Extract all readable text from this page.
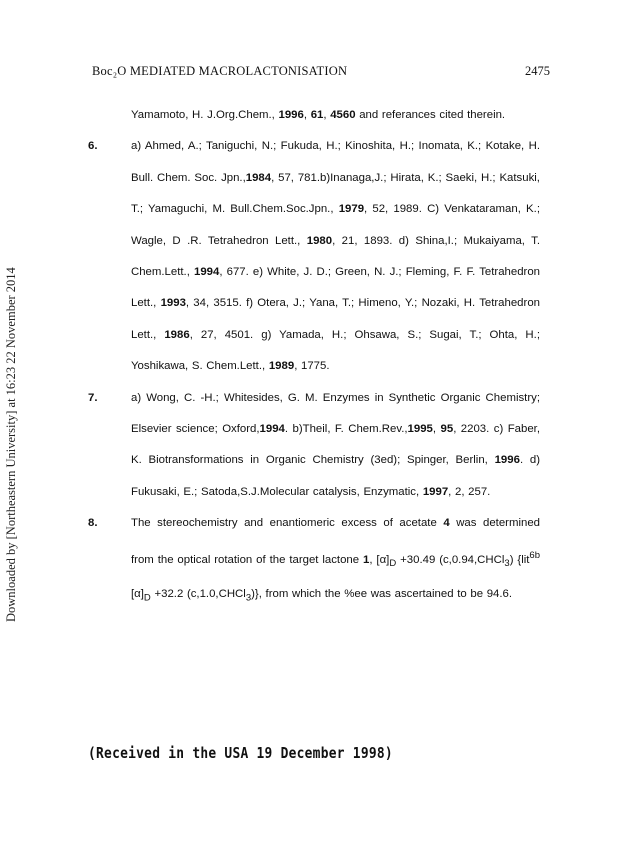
Boc₂O MEDIATED MACROLACTONISATION	2475
Downloaded by [Northeastern University] at 16:23 22 November 2014
Yamamoto, H. J.Org.Chem., 1996, 61, 4560 and referances cited therein.
6.	a) Ahmed, A.; Taniguchi, N.; Fukuda, H.; Kinoshita, H.; Inomata, K.; Kotake, H. Bull. Chem. Soc. Jpn.,1984, 57, 781.b)Inanaga,J.; Hirata, K.; Saeki, H.; Katsuki, T.; Yamaguchi, M. Bull.Chem.Soc.Jpn., 1979, 52, 1989. C) Venkataraman, K.; Wagle, D .R. Tetrahedron Lett., 1980, 21, 1893. d) Shina,I.; Mukaiyama, T. Chem.Lett., 1994, 677. e) White, J. D.; Green, N. J.; Fleming, F. F. Tetrahedron Lett., 1993, 34, 3515. f) Otera, J.; Yana, T.; Himeno, Y.; Nozaki, H. Tetrahedron Lett., 1986, 27, 4501. g) Yamada, H.; Ohsawa, S.; Sugai, T.; Ohta, H.; Yoshikawa, S. Chem.Lett., 1989, 1775.
7.	a) Wong, C. -H.; Whitesides, G. M. Enzymes in Synthetic Organic Chemistry; Elsevier science; Oxford,1994. b)Theil, F. Chem.Rev.,1995, 95, 2203. c) Faber, K. Biotransformations in Organic Chemistry (3ed); Spinger, Berlin, 1996. d) Fukusaki, E.; Satoda,S.J.Molecular catalysis, Enzymatic, 1997, 2, 257.
8.	The stereochemistry and enantiomeric excess of acetate 4 was determined from the optical rotation of the target lactone 1, $[\alpha]_D +30.49$ (c,0.94,CHCl$_3$) {lit$^{6b}$ $[\alpha]_D +32.2$ (c,1.0,CHCl$_3$)}, from which the %ee was ascertained to be 94.6.
(Received in the USA 19 December 1998)
